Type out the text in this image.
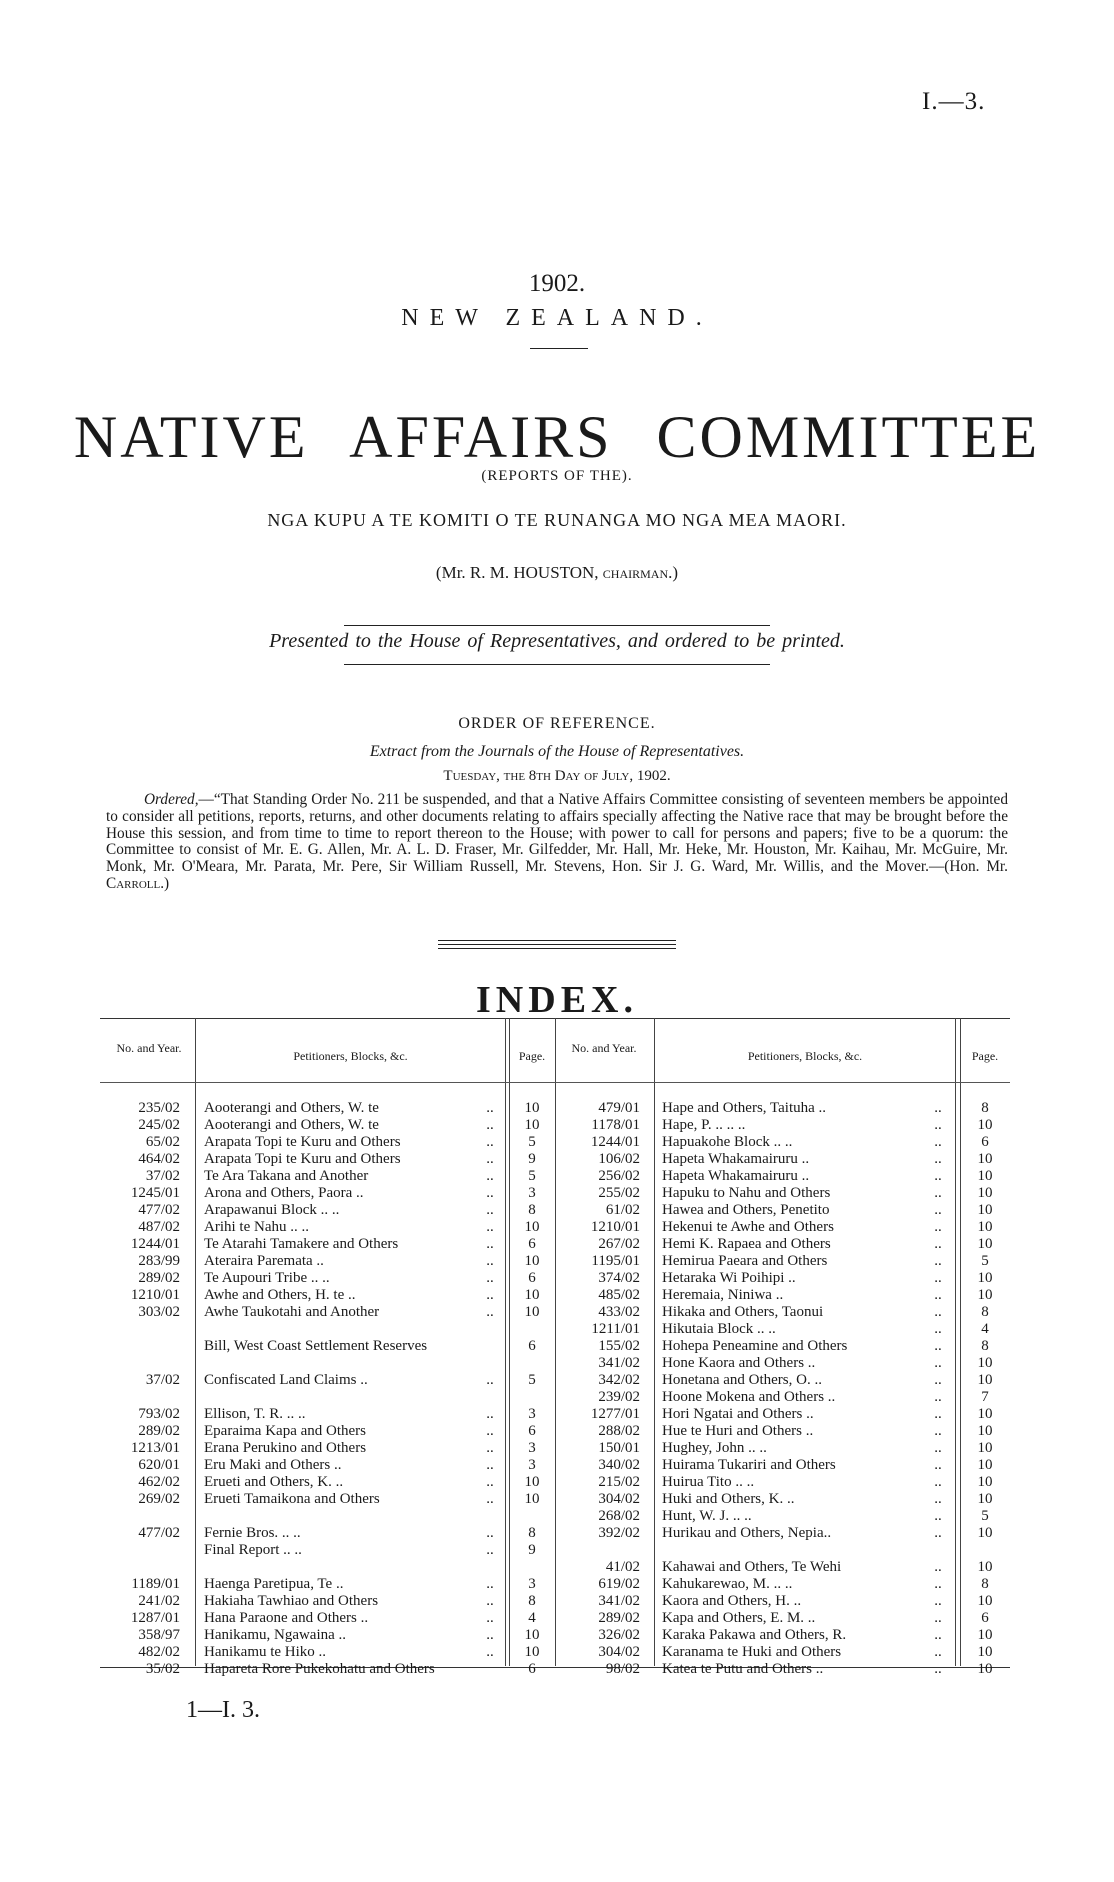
I.—3.
1902.
NEW ZEALAND.
NATIVE AFFAIRS COMMITTEE
(REPORTS OF THE).
NGA KUPU A TE KOMITI O TE RUNANGA MO NGA MEA MAORI.
(Mr. R. M. HOUSTON, CHAIRMAN.)
Presented to the House of Representatives, and ordered to be printed.
ORDER OF REFERENCE.
Extract from the Journals of the House of Representatives.
Tuesday, the 8th Day of July, 1902.
Ordered,—“That Standing Order No. 211 be suspended, and that a Native Affairs Committee consisting of seventeen members be appointed to consider all petitions, reports, returns, and other documents relating to affairs specially affecting the Native race that may be brought before the House this session, and from time to time to report thereon to the House; with power to call for persons and papers; five to be a quorum: the Committee to consist of Mr. E. G. Allen, Mr. A. L. D. Fraser, Mr. Gilfedder, Mr. Hall, Mr. Heke, Mr. Houston, Mr. Kaihau, Mr. McGuire, Mr. Monk, Mr. O'Meara, Mr. Parata, Mr. Pere, Sir William Russell, Mr. Stevens, Hon. Sir J. G. Ward, Mr. Willis, and the Mover.—(Hon. Mr. Carroll.)
INDEX.
No. and Year.
Petitioners, Blocks, &c.	Page.
No. and Year.
Petitioners, Blocks, &c.	Page.
235/02 Aooterangi and Others, W. te	..	10
245/02 Aooterangi and Others, W. te	..	10
65/02 Arapata Topi te Kuru and Others	..	5
464/02 Arapata Topi te Kuru and Others	..	9
37/02 Te Ara Takana and Another	..	5
1245/01 Arona and Others, Paora ..	..	3
477/02 Arapawanui Block .. ..	..	8
487/02 Arihi te Nahu .. ..	..	10
1244/01 Te Atarahi Tamakere and Others	..	6
283/99 Ateraira Paremata ..	..	10
289/02 Te Aupouri Tribe .. ..	..	6
1210/01 Awhe and Others, H. te ..	..	10
303/02 Awhe Taukotahi and Another	..	10
Bill, West Coast Settlement Reserves	6
37/02 Confiscated Land Claims ..	..	5
793/02 Ellison, T. R. .. ..	..	3
289/02 Eparaima Kapa and Others	..	6
1213/01 Erana Perukino and Others	..	3
620/01 Eru Maki and Others ..	..	3
462/02 Erueti and Others, K. ..	..	10
269/02 Erueti Tamaikona and Others	..	10
477/02 Fernie Bros. .. ..	..	8
Final Report .. ..	..	9
1189/01 Haenga Paretipua, Te ..	..	3
241/02 Hakiaha Tawhiao and Others	..	8
1287/01 Hana Paraone and Others ..	..	4
358/97 Hanikamu, Ngawaina ..	..	10
482/02 Hanikamu te Hiko ..	..	10
35/02 Hapareta Rore Pukekohatu and Others	6
479/01 Hape and Others, Taituha ..	..	8
1178/01 Hape, P. .. .. ..	..	10
1244/01 Hapuakohe Block .. ..	..	6
106/02 Hapeta Whakamairuru ..	..	10
256/02 Hapeta Whakamairuru ..	..	10
255/02 Hapuku to Nahu and Others	..	10
61/02 Hawea and Others, Penetito	..	10
1210/01 Hekenui te Awhe and Others	..	10
267/02 Hemi K. Rapaea and Others	..	10
1195/01 Hemirua Paeara and Others	..	5
374/02 Hetaraka Wi Poihipi ..	..	10
485/02 Heremaia, Niniwa ..	..	10
433/02 Hikaka and Others, Taonui	..	8
1211/01 Hikutaia Block .. ..	..	4
155/02 Hohepa Peneamine and Others	..	8
341/02 Hone Kaora and Others ..	..	10
342/02 Honetana and Others, O. ..	..	10
239/02 Hoone Mokena and Others ..	..	7
1277/01 Hori Ngatai and Others ..	..	10
288/02 Hue te Huri and Others ..	..	10
150/01 Hughey, John .. ..	..	10
340/02 Huirama Tukariri and Others	..	10
215/02 Huirua Tito .. ..	..	10
304/02 Huki and Others, K. ..	..	10
268/02 Hunt, W. J. .. ..	..	5
392/02 Hurikau and Others, Nepia..	..	10
41/02 Kahawai and Others, Te Wehi	..	10
619/02 Kahukarewao, M. .. ..	..	8
341/02 Kaora and Others, H. ..	..	10
289/02 Kapa and Others, E. M. ..	..	6
326/02 Karaka Pakawa and Others, R.	..	10
304/02 Karanama te Huki and Others	..	10
98/02 Katea te Putu and Others ..	..	10
1—I. 3.
